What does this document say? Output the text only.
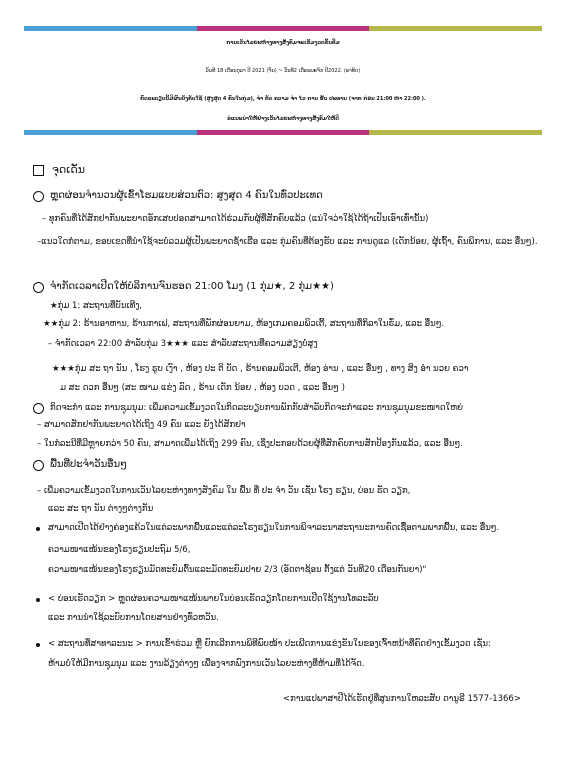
ການເວັນໄລຍະຫ່າງທາງສັງຄົມຈະເຂັ້ມງວດຂຶ້ນຕື່ມ
ວັນທີ 18 ເດືອນຕຸລາ ປີ 2021 (ຈັນ) ~ ວັນທີ2 ເດືອນພະຈິກ ປີ2022. (ອາທິດ)
ກົດລະບຽບນີ້ມີຜົນບັງຄັບໃຊ້ (ສູງສຸດ 4 ຄົນໃນກຸ່ມ), ຈຳ ກັດ ຄວາມ ຈຳ ໄວ ການ ຮັບ ປະທານ (ຈາກ ກ່ອນ 21:00 ຫາ 22:00 ).
ຂໍແນະນຳໃຫ້ຢ່າງເວັ້ນໄລຍະຫ່າງທາງສັງຄົມໃຫ້ດີ
ຈຸດເດັ່ນ
ຫຼຸດຜ່ອນຈຳນວນຜູ້ເຂົ້າໂຮມແບບສ່ວນຕົວ: ສູງສຸດ 4 ຄົນໃນທົ່ວປະເທດ
– ທຸກຄົນທີ່ໄດ້ສັກຢາກັນພະຍາດອັກເສບປອດສາມາດໄດ້ຮ່ວມກັບຜູ້ທີ່ສັກຄົບແລ້ວ (ແນ່ໃຈວ່າໃຊ້ໄດ້ຖ້າເປັນເອົາເທົ່ານັ້ນ)
–ແນວໃດກໍຕາມ, ຂອບເຂດທີ່ນຳໃຊ້ຈະບໍ່ລວມຜູ້ເປັນພະຍາດຊ້ຳເຮືອ ແລະ ກຸ່ມຄົນທີ່ຕ້ອງຮັບ ແລະ ການດູແລ (ເດັກນ້ອຍ, ຜູ້ເຖົ້າ, ຄົນພິການ, ແລະ ອື່ນໆ).
ຈຳກັດເວລາເປີດໃຫ້ບໍລິການຈົນຮອດ 21:00 ໂມງ (1 ກຸ່ມ★, 2 ກຸ່ມ★★)
★ກຸ່ມ 1: ສະຖານທີ່ບັນເທີງ,
★★ກຸ່ມ 2: ຮ້ານອາຫານ, ຮ້ານກາເຟ, ສະຖານທີ່ພັກຜ່ອນຍາມ, ຫ້ອງເກມຄອມພິວເຕີ້, ສະຖານທີ່ກິລາໃນຮົ່ມ, ແລະ ອື່ນໆ.
– ຈຳກັດເວລາ 22:00 ສຳລັບກຸ່ມ 3★★★ ແລະ ສຳລັບສະຖານທີ່ຄວາມສ່ຽງບໍ່ສູງ
★★★ກຸ່ມ ສະ ຖາ ນັນ , ໂຮງ ຮູບ ເງົາ , ຫ້ອງ ປະ ຕິ ບັດ , ຮ້ານຄອມພິວເຕີ, ຫ້ອງ ອ່ານ , ແລະ ອື່ນໆ , ທາງ ສິງ ອໍາ ນວຍ ຄວາ
ມ ສະ ດວກ ອື່ນໆ (ສະ ໜາມ ແຂ່ງ ລົດ , ຮ້ານ ເດັກ ນ້ອຍ , ຫ້ອງ ບວດ , ແລະ ອື່ນໆ )
ກິດຈະກຳ ແລະ ການຊຸມນຸມ: ເພີ່ມຄວາມເຂັ້ມງວດໃນກິດລະບຽບການພັກກັບສຳລັບກິດຈະກຳແລະ ການຊຸມນຸມຂະໜາດໃຫຍ່
– ສາມາດສັກຢາກັນພະຍາດໄດ້ເຖິງ 49 ຄົນ ແລະ ຍັງໄດ້ສັກຢາ
– ໃນກໍລະນີທີ່ມີຫຼາຍກວ່າ 50 ຄົນ, ສາມາດເພີ່ມໄດ້ເຖິງ 299 ຄົນ, ເຊິ່ງປະກອບດ້ວຍຜູ້ທີ່ສັກຄົບການສັກປ້ອງກັນແລ້ວ, ແລະ ອື່ນໆ.
ພື້ນທີ່ປະຈຳວັນອື່ນໆ
– ເພີ່ມຄວາມເຂັ້ມງວດໃນການເວັນໄລຍະຫ່າງທາງສັງຄົມ ໃນ ພື້ນ ທີ່ ປະ ຈຳ ວັນ ເຊັ່ນ ໂຮງ ຮຽນ, ບ່ອນ ຮັດ ວຽກ,
ແລະ ສະ ຖາ ນັນ ຕ່າງໆຕ່າງກັນ
ສາມາດເປີດໄດ້ຢ່າງຄ່ອງແຄ້ວໃນແຕ່ລະພາກພື້ນແລະແຕ່ລະໂຮງຮຽນໃນການພິຈາລະນາສະຖານະການຄົດເຊື້ອຕາມພາກພື້ນ, ແລະ ອື່ນໆ.
ຄວາມໜາແໜ້ນຂອງໂຮງຮຽນປະຖົມ 5/6,
ຄວາມໜາແໜ້ນຂອງໂຮງຮຽນມັດທະຍົມຕົ້ນແລະມັດທະຍົມປາຍ 2/3 (ອັດຕາຊ້ອນ ຕັ້ງແຕ່ ວັນທີ20 ເດືອນກັນຍາ)"
< ບ່ອນເຮັດວຽກ > ຫຼຸດຜ່ອນຄວາມໜາແໜ້ນພາຍໃນບ່ອນເຮັດວຽກໂດຍການເປີດໃຊ້ງານໂທລະລັບ
ແລະ ການນຳໃຊ້ລະບົບການໂດຍສານຢ່າງທົ່ວຫວັນ.
< ສະຖານທີ່ສາທາລະນະ > ການເຂົ້າຮ່ວມ ຫຼື ຍົກເລີກການພິທີພົບໜ້າ ປະເພີດການແຂ່ງຂັນໃນຂອງເຈົ້າຫນ້າທີ່ຄົດຢ່າງເຂັ້ມງວດ ເຊັ່ນ:
ຫ້າມບໍ່ໃຫ້ມີການຊຸມນຸມ ແລະ ງານລ້ຽງຕ່າງໆ ເພື່ອງຈາກພົງການເວັນໄລຍະຫ່າງທີ່ຫ້າມທີ່ໄດ້ຈັດ.
<ການແປພາສາປີໄດ້ເຮັດຢູ່ທີ່ສູນການໃຫລະສັບ ດານູຣີ 1577-1366>
